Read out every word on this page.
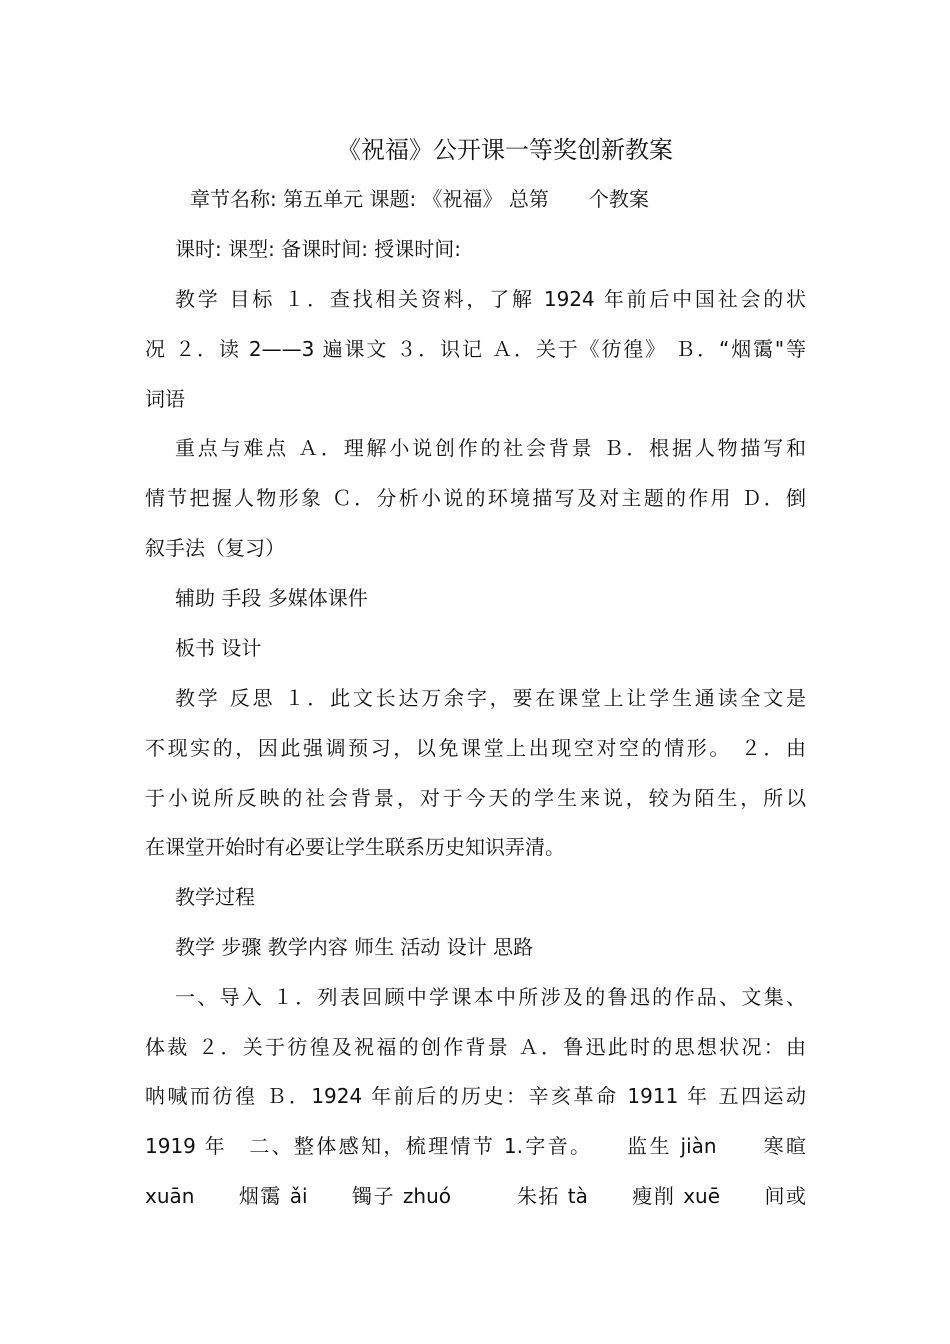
《祝福》公开课一等奖创新教案
章节名称: 第五单元 课题: 《祝福》 总第　　个教案
课时: 课型: 备课时间: 授课时间:
教学 目标 １．查找相关资料，了解 1924 年前后中国社会的状
况 ２．读 2——3 遍课文 ３．识记 Ａ．关于《彷徨》 Ｂ．“烟霭"等
词语
重点与难点 Ａ．理解小说创作的社会背景 Ｂ．根据人物描写和
情节把握人物形象 Ｃ．分析小说的环境描写及对主题的作用 Ｄ．倒
叙手法（复习）
辅助 手段 多媒体课件
板书 设计
教学 反思 １．此文长达万余字，要在课堂上让学生通读全文是
不现实的，因此强调预习，以免课堂上出现空对空的情形。 ２．由
于小说所反映的社会背景，对于今天的学生来说，较为陌生，所以
在课堂开始时有必要让学生联系历史知识弄清。
教学过程
教学 步骤 教学内容 师生 活动 设计 思路
一、导入 １．列表回顾中学课本中所涉及的鲁迅的作品、文集、
体裁 ２．关于彷徨及祝福的创作背景 Ａ．鲁迅此时的思想状况：由
呐喊而彷徨 Ｂ．1924 年前后的历史：辛亥革命 1911 年 五四运动
1919 年　二、整体感知，梳理情节 1.字音。　　监生 jiàn　　寒暄
xuān　　烟霭 ǎi　　镯子 zhuó　　　朱拓 tà　　瘦削 xuē　　间或
